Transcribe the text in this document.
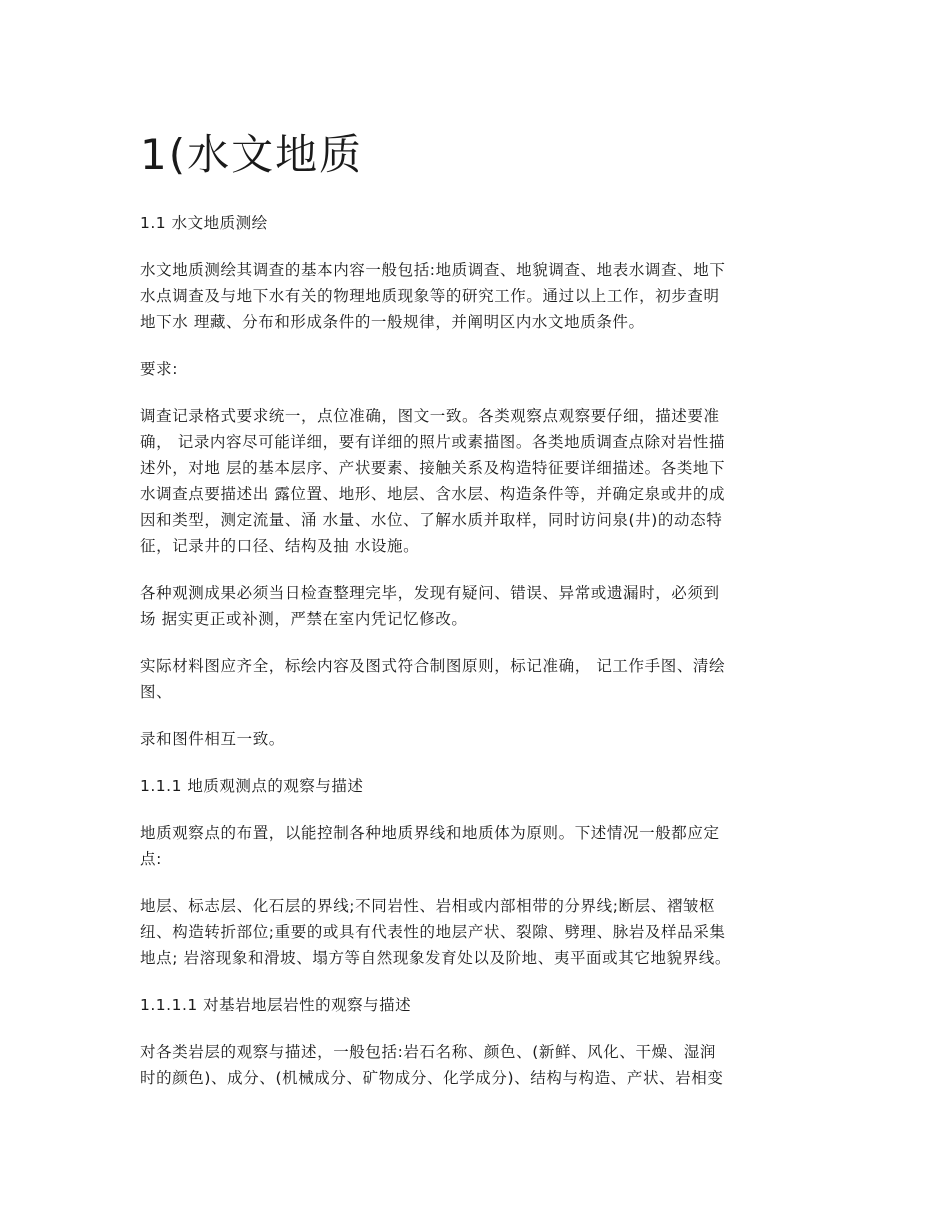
1(水文地质
1.1 水文地质测绘
水文地质测绘其调查的基本内容一般包括:地质调查、地貌调查、地表水调查、地下
水点调查及与地下水有关的物理地质现象等的研究工作。通过以上工作，初步查明
地下水 理藏、分布和形成条件的一般规律，并阐明区内水文地质条件。
要求:
调查记录格式要求统一，点位准确，图文一致。各类观察点观察要仔细，描述要准
确， 记录内容尽可能详细，要有详细的照片或素描图。各类地质调查点除对岩性描
述外，对地 层的基本层序、产状要素、接触关系及构造特征要详细描述。各类地下
水调查点要描述出 露位置、地形、地层、含水层、构造条件等，并确定泉或井的成
因和类型，测定流量、涌 水量、水位、了解水质并取样，同时访问泉(井)的动态特
征，记录井的口径、结构及抽 水设施。
各种观测成果必须当日检查整理完毕，发现有疑问、错误、异常或遗漏时，必须到
场 据实更正或补测，严禁在室内凭记忆修改。
实际材料图应齐全，标绘内容及图式符合制图原则，标记准确， 记工作手图、清绘
图、
录和图件相互一致。
1.1.1 地质观测点的观察与描述
地质观察点的布置，以能控制各种地质界线和地质体为原则。下述情况一般都应定
点:
地层、标志层、化石层的界线;不同岩性、岩相或内部相带的分界线;断层、褶皱枢
纽、构造转折部位;重要的或具有代表性的地层产状、裂隙、劈理、脉岩及样品采集
地点; 岩溶现象和滑坡、塌方等自然现象发育处以及阶地、夷平面或其它地貌界线。
1.1.1.1 对基岩地层岩性的观察与描述
对各类岩层的观察与描述，一般包括:岩石名称、颜色、(新鲜、风化、干燥、湿润
时的颜色)、成分、(机械成分、矿物成分、化学成分)、结构与构造、产状、岩相变
